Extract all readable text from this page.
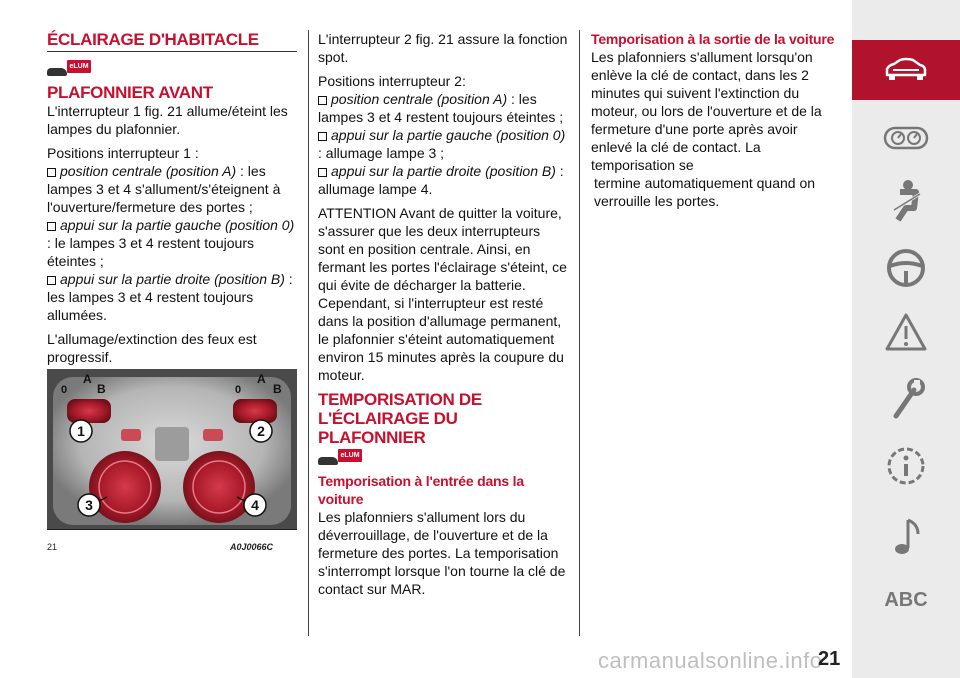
ÉCLAIRAGE D'HABITACLE
eLUM
PLAFONNIER AVANT

L'interrupteur 1 fig. 21 allume/éteint les lampes du plafonnier.

Positions interrupteur 1 :

position centrale (position A) : les lampes 3 et 4 s'allument/s'éteignent à l'ouverture/fermeture des portes ;

appui sur la partie gauche (position 0) : le lampes 3 et 4 restent toujours éteintes ;

appui sur la partie droite (position B) : les lampes 3 et 4 restent toujours allumées.

L'allumage/extinction des feux est progressif.

1	2
3	4
0
A
B	0
A
B
21	A0J0066C

L'interrupteur 2 fig. 21 assure la fonction spot.

Positions interrupteur 2:

position centrale (position A) : les lampes 3 et 4 restent toujours éteintes ;

appui sur la partie gauche (position 0) : allumage lampe 3 ;

appui sur la partie droite (position B) : allumage lampe 4.

ATTENTION Avant de quitter la voiture, s'assurer que les deux interrupteurs sont en position centrale. Ainsi, en fermant les portes l'éclairage s'éteint, ce qui évite de décharger la batterie. Cependant, si l'interrupteur est resté dans la position d'allumage permanent, le plafonnier s'éteint automatiquement environ 15 minutes après la coupure du moteur.

TEMPORISATION DE L'ÉCLAIRAGE DU PLAFONNIER
eLUM
Temporisation à l'entrée dans la voiture

Les plafonniers s'allument lors du déverrouillage, de l'ouverture et de la fermeture des portes. La temporisation s'interrompt lorsque l'on tourne la clé de contact sur MAR.

Temporisation à la sortie de la voiture

Les plafonniers s'allument lorsqu'on enlève la clé de contact, dans les 2 minutes qui suivent l'extinction du moteur, ou lors de l'ouverture et de la fermeture d'une porte après avoir enlevé la clé de contact. La temporisation se

termine automatiquement quand on verrouille les portes.

ABC
carmanualsonline.info
21
